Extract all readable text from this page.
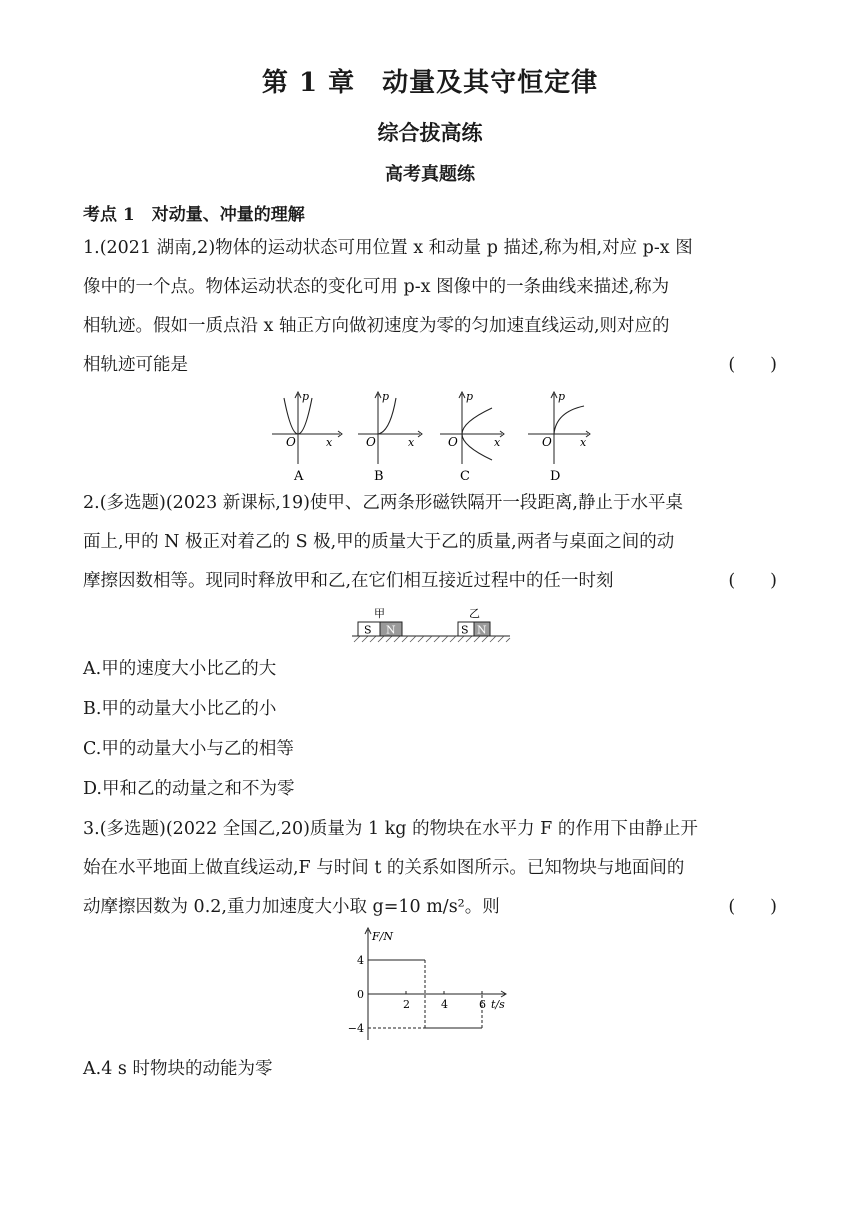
第 1 章　动量及其守恒定律
综合拔高练
高考真题练
考点 1　对动量、冲量的理解
1.(2021 湖南,2)物体的运动状态可用位置 x 和动量 p 描述,称为相,对应 p-x 图
像中的一个点。物体运动状态的变化可用 p-x 图像中的一条曲线来描述,称为
相轨迹。假如一质点沿 x 轴正方向做初速度为零的匀加速直线运动,则对应的
相轨迹可能是	(　　)
p
x
O
A
p
x
O
B
p
x
O
C
p
x
O
D
2.(多选题)(2023 新课标,19)使甲、乙两条形磁铁隔开一段距离,静止于水平桌
面上,甲的 N 极正对着乙的 S 极,甲的质量大于乙的质量,两者与桌面之间的动
摩擦因数相等。现同时释放甲和乙,在它们相互接近过程中的任一时刻	(　　)
S N
甲
S N
乙
A.甲的速度大小比乙的大
B.甲的动量大小比乙的小
C.甲的动量大小与乙的相等
D.甲和乙的动量之和不为零
3.(多选题)(2022 全国乙,20)质量为 1 kg 的物块在水平力 F 的作用下由静止开
始在水平地面上做直线运动,F 与时间 t 的关系如图所示。已知物块与地面间的
动摩擦因数为 0.2,重力加速度大小取 g=10 m/s²。则	(　　)
F/N
t/s
4
0
−4
2	4	6
A.4 s 时物块的动能为零
